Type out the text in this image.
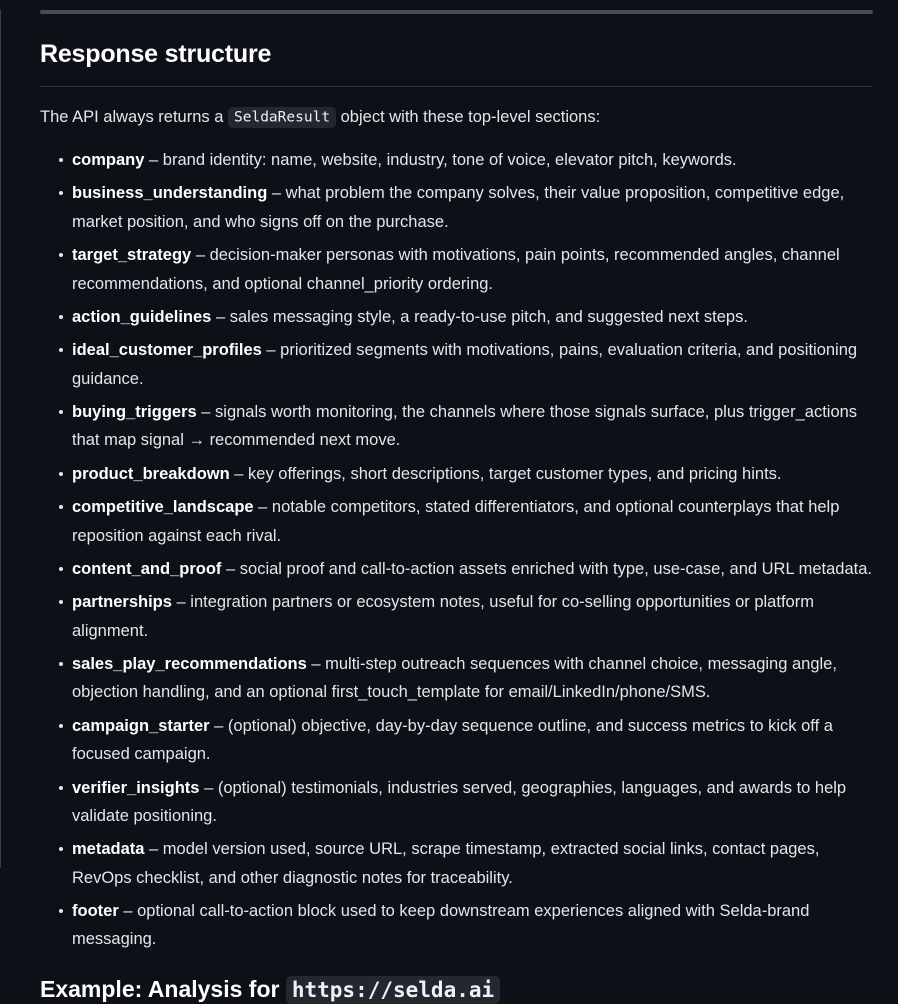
Response structure

The API always returns a SeldaResult object with these top-level sections:

company – brand identity: name, website, industry, tone of voice, elevator pitch, keywords.
business_understanding – what problem the company solves, their value proposition, competitive edge, market position, and who signs off on the purchase.
target_strategy – decision-maker personas with motivations, pain points, recommended angles, channel recommendations, and optional channel_priority ordering.
action_guidelines – sales messaging style, a ready-to-use pitch, and suggested next steps.
ideal_customer_profiles – prioritized segments with motivations, pains, evaluation criteria, and positioning guidance.
buying_triggers – signals worth monitoring, the channels where those signals surface, plus trigger_actions that map signal → recommended next move.
product_breakdown – key offerings, short descriptions, target customer types, and pricing hints.
competitive_landscape – notable competitors, stated differentiators, and optional counterplays that help reposition against each rival.
content_and_proof – social proof and call-to-action assets enriched with type, use-case, and URL metadata.
partnerships – integration partners or ecosystem notes, useful for co-selling opportunities or platform alignment.
sales_play_recommendations – multi-step outreach sequences with channel choice, messaging angle, objection handling, and an optional first_touch_template for email/LinkedIn/phone/SMS.
campaign_starter – (optional) objective, day-by-day sequence outline, and success metrics to kick off a focused campaign.
verifier_insights – (optional) testimonials, industries served, geographies, languages, and awards to help validate positioning.
metadata – model version used, source URL, scrape timestamp, extracted social links, contact pages, RevOps checklist, and other diagnostic notes for traceability.
footer – optional call-to-action block used to keep downstream experiences aligned with Selda-brand messaging.
Example: Analysis for https://selda.ai
